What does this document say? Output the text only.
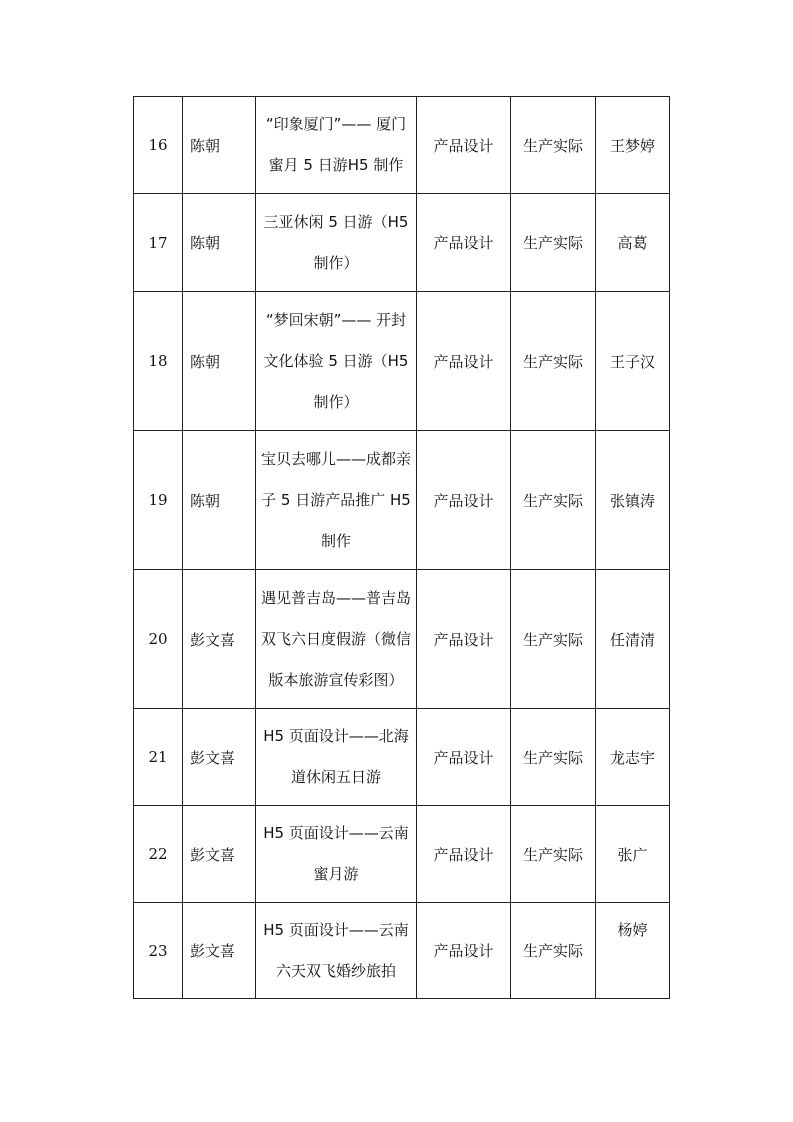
16	陈朝	“印象厦门”—— 厦门蜜月 5 日游H5 制作	产品设计	生产实际	王梦婷
17	陈朝	三亚休闲 5 日游（H5 制作）	产品设计	生产实际	高葛
18	陈朝	“梦回宋朝”—— 开封文化体验 5 日游（H5 制作）	产品设计	生产实际	王子汉
19	陈朝	宝贝去哪儿——成都亲子 5 日游产品推广 H5 制作	产品设计	生产实际	张镇涛
20	彭文喜	遇见普吉岛——普吉岛双飞六日度假游（微信版本旅游宣传彩图）	产品设计	生产实际	任清清
21	彭文喜	H5 页面设计——北海道休闲五日游	产品设计	生产实际	龙志宇
22	彭文喜	H5 页面设计——云南蜜月游	产品设计	生产实际	张广
23	彭文喜	H5 页面设计——云南六天双飞婚纱旅拍	产品设计	生产实际	杨婷
